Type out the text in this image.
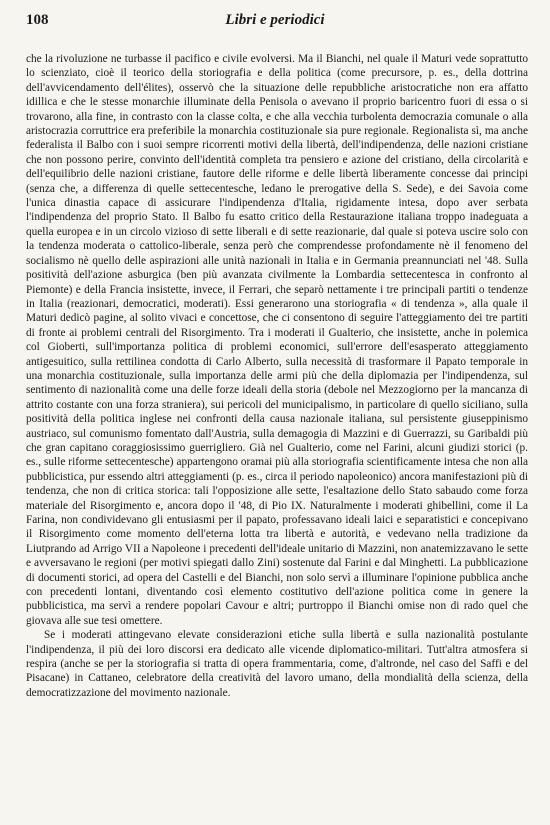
108	Libri e periodici

che la rivoluzione ne turbasse il pacifico e civile evolversi. Ma il Bianchi, nel quale il Maturi vede soprattutto lo scienziato, cioè il teorico della storiografia e della politica (come precursore, p. es., della dottrina dell'avvicendamento dell'élites), osservò che la situazione delle repubbliche aristocratiche non era affatto idillica e che le stesse monarchie illuminate della Penisola o avevano il proprio baricentro fuori di essa o si trovarono, alla fine, in contrasto con la classe colta, e che alla vecchia turbolenta democrazia comunale o alla aristocrazia corruttrice era preferibile la monarchia costituzionale sia pure regionale. Regionalista sì, ma anche federalista il Balbo con i suoi sempre ricorrenti motivi della libertà, dell'indipendenza, delle nazioni cristiane che non possono perire, convinto dell'identità completa tra pensiero e azione del cristiano, della circolarità e dell'equilibrio delle nazioni cristiane, fautore delle riforme e delle libertà liberamente concesse dai principi (senza che, a differenza di quelle settecentesche, ledano le prerogative della S. Sede), e dei Savoia come l'unica dinastia capace di assicurare l'indipendenza d'Italia, rigidamente intesa, dopo aver serbata l'indipendenza del proprio Stato. Il Balbo fu esatto critico della Restaurazione italiana troppo inadeguata a quella europea e in un circolo vizioso di sette liberali e di sette reazionarie, dal quale si poteva uscire solo con la tendenza moderata o cattolico-liberale, senza però che comprendesse profondamente nè il fenomeno del socialismo nè quello delle aspirazioni alle unità nazionali in Italia e in Germania preannunciati nel '48. Sulla positività dell'azione asburgica (ben più avanzata civilmente la Lombardia settecentesca in confronto al Piemonte) e della Francia insistette, invece, il Ferrari, che separò nettamente i tre principali partiti o tendenze in Italia (reazionari, democratici, moderati). Essi generarono una storiografia « di tendenza », alla quale il Maturi dedicò pagine, al solito vivaci e concettose, che ci consentono di seguire l'atteggiamento dei tre partiti di fronte ai problemi centrali del Risorgimento. Tra i moderati il Gualterio, che insistette, anche in polemica col Gioberti, sull'importanza politica di problemi economici, sull'errore dell'esasperato atteggiamento antigesuitico, sulla rettilinea condotta di Carlo Alberto, sulla necessità di trasformare il Papato temporale in una monarchia costituzionale, sulla importanza delle armi più che della diplomazia per l'indipendenza, sul sentimento di nazionalità come una delle forze ideali della storia (debole nel Mezzogiorno per la mancanza di attrito costante con una forza straniera), sui pericoli del municipalismo, in particolare di quello siciliano, sulla positività della politica inglese nei confronti della causa nazionale italiana, sul persistente giuseppinismo austriaco, sul comunismo fomentato dall'Austria, sulla demagogia di Mazzini e di Guerrazzi, su Garibaldi più che gran capitano coraggiosissimo guerrigliero. Già nel Gualterio, come nel Farini, alcuni giudizi storici (p. es., sulle riforme settecentesche) appartengono oramai più alla storiografia scientificamente intesa che non alla pubblicistica, pur essendo altri atteggiamenti (p. es., circa il periodo napoleonico) ancora manifestazioni più di tendenza, che non di critica storica: tali l'opposizione alle sette, l'esaltazione dello Stato sabaudo come forza materiale del Risorgimento e, ancora dopo il '48, di Pio IX. Naturalmente i moderati ghibellini, come il La Farina, non condividevano gli entusiasmi per il papato, professavano ideali laici e separatistici e concepivano il Risorgimento come momento dell'eterna lotta tra libertà e autorità, e vedevano nella tradizione da Liutprando ad Arrigo VII a Napoleone i precedenti dell'ideale unitario di Mazzini, non anatemizzavano le sette e avversavano le regioni (per motivi spiegati dallo Zini) sostenute dal Farini e dal Minghetti. La pubblicazione di documenti storici, ad opera del Castelli e del Bianchi, non solo servì a illuminare l'opinione pubblica anche con precedenti lontani, diventando così elemento costitutivo dell'azione politica come in genere la pubblicistica, ma servì a rendere popolari Cavour e altri; purtroppo il Bianchi omise non di rado quel che giovava alle sue tesi omettere.

Se i moderati attingevano elevate considerazioni etiche sulla libertà e sulla nazionalità postulante l'indipendenza, il più dei loro discorsi era dedicato alle vicende diplomatico-militari. Tutt'altra atmosfera si respira (anche se per la storiografia si tratta di opera frammentaria, come, d'altronde, nel caso del Saffi e del Pisacane) in Cattaneo, celebratore della creatività del lavoro umano, della mondialità della scienza, della democratizzazione del movimento nazionale.
